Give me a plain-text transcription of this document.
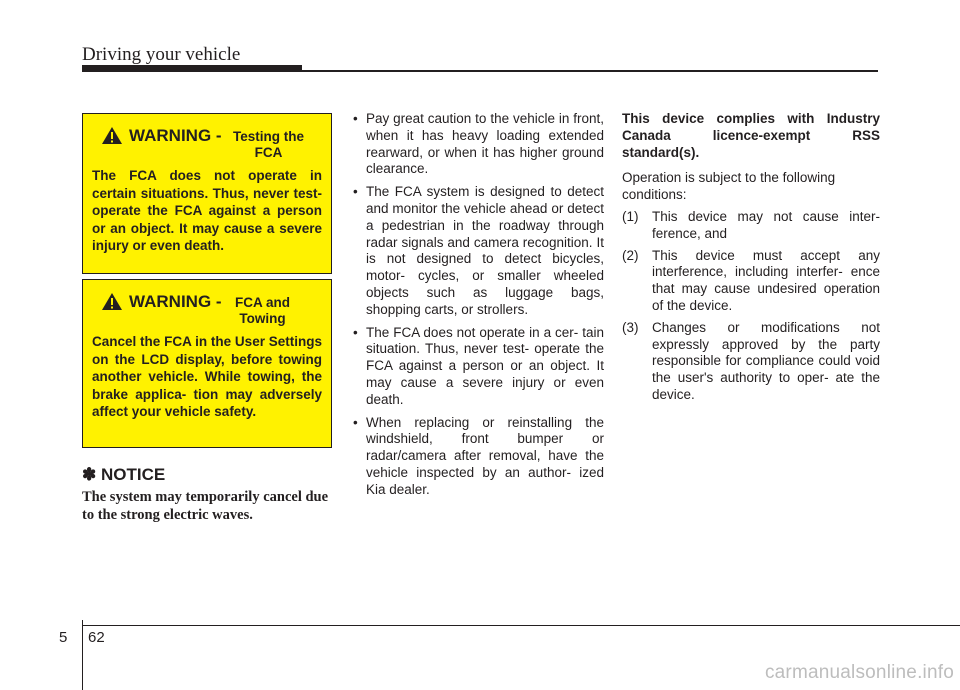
Driving your vehicle
WARNING - Testing the FCA
The FCA does not operate in certain situations. Thus, never test-operate the FCA against a person or an object. It may cause a severe injury or even death.
WARNING -	FCA and Towing
Cancel the FCA in the User Settings on the LCD display, before towing another vehicle. While towing, the brake applica- tion may adversely affect your vehicle safety.
✽ NOTICE
The system may temporarily cancel due to the strong electric waves.
• Pay great caution to the vehicle in front, when it has heavy loading extended rearward, or when it has higher ground clearance.
• The FCA system is designed to detect and monitor the vehicle ahead or detect a pedestrian in the roadway through radar signals and camera recognition. It is not designed to detect bicycles, motor- cycles, or smaller wheeled objects such as luggage bags, shopping carts, or strollers.
• The FCA does not operate in a cer- tain situation. Thus, never test- operate the FCA against a person or an object. It may cause a severe injury or even death.
• When replacing or reinstalling the windshield, front bumper or radar/camera after removal, have the vehicle inspected by an author- ized Kia dealer.

This device complies with Industry Canada licence-exempt RSS standard(s).

Operation is subject to the following conditions:

(1) This device may not cause inter- ference, and
(2) This device must accept any interference, including interfer- ence that may cause undesired operation of the device.
(3) Changes or modifications not expressly approved by the party responsible for compliance could void the user's authority to oper- ate the device.
5 62
carmanualsonline.info
